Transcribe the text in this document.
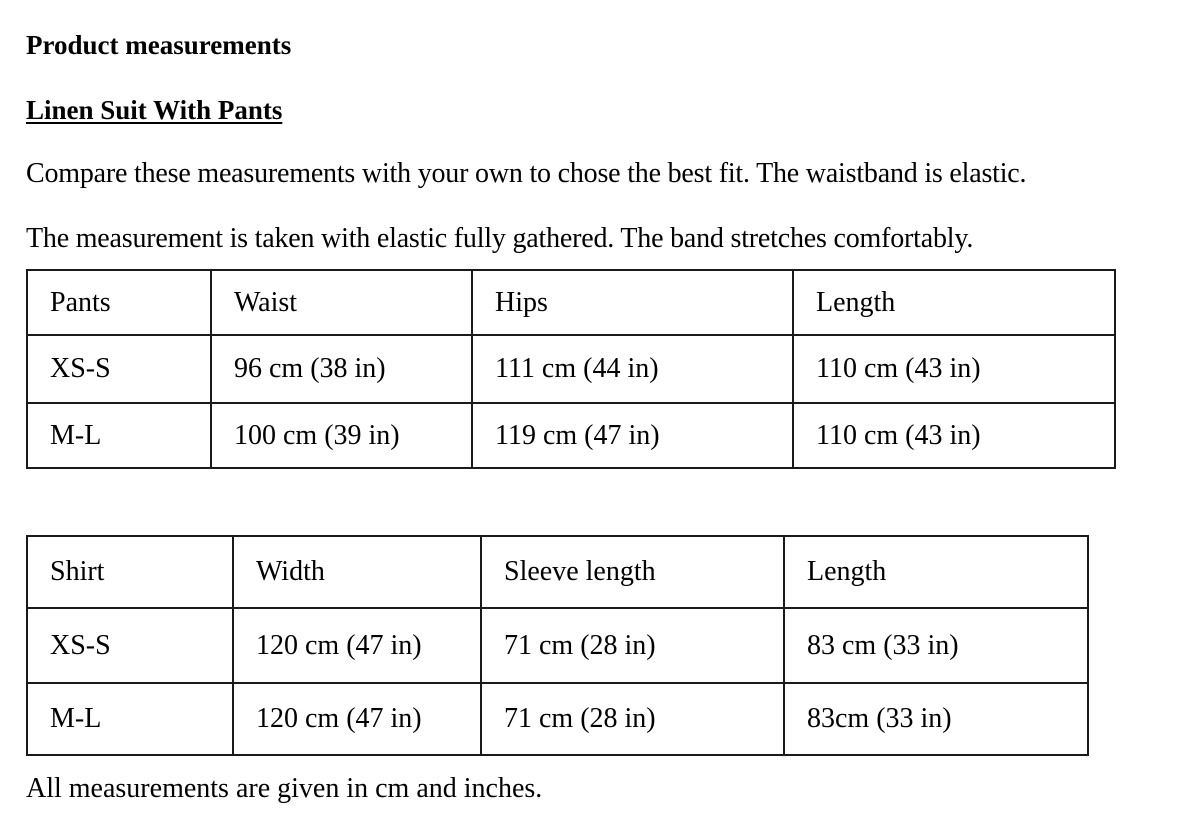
Product measurements
Linen Suit With Pants
Compare these measurements with your own to chose the best fit. The waistband is elastic.
The measurement is taken with elastic fully gathered. The band stretches comfortably.
Pants	Waist	Hips	Length
XS-S	96 cm (38 in)	111 cm (44 in)	110 cm (43 in)
M-L	100 cm (39 in)	119 cm (47 in)	110 cm (43 in)
Shirt	Width	Sleeve length	Length
XS-S	120 cm (47 in)	71 cm (28 in)	83 cm (33 in)
M-L	120 cm (47 in)	71 cm (28 in)	83cm (33 in)
All measurements are given in cm and inches.
